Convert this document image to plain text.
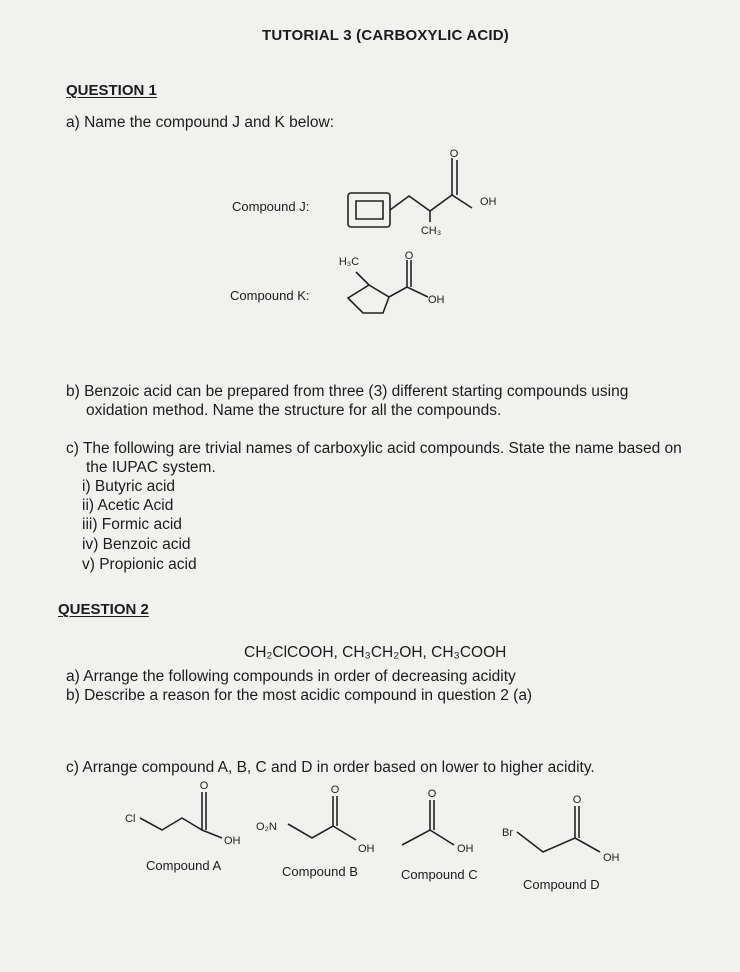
TUTORIAL 3 (CARBOXYLIC ACID)
QUESTION 1
a) Name the compound J and K below:
Compound J:
Compound K:
O
OH
CH₃
O
OH
H₃C
b) Benzoic acid can be prepared from three (3) different starting compounds using
oxidation method. Name the structure for all the compounds.
c) The following are trivial names of carboxylic acid compounds. State the name based on
the IUPAC system.
i) Butyric acid
ii) Acetic Acid
iii) Formic acid
iv) Benzoic acid
v) Propionic acid
QUESTION 2
CH₂ClCOOH, CH₃CH₂OH, CH₃COOH
a) Arrange the following compounds in order of decreasing acidity
b) Describe a reason for the most acidic compound in question 2 (a)
c) Arrange compound A, B, C and D in order based on lower to higher acidity.
O
OH
Cl
O
OH
O₂N
O
OH
O
OH
Br
Compound A	Compound B	Compound C
Compound D
